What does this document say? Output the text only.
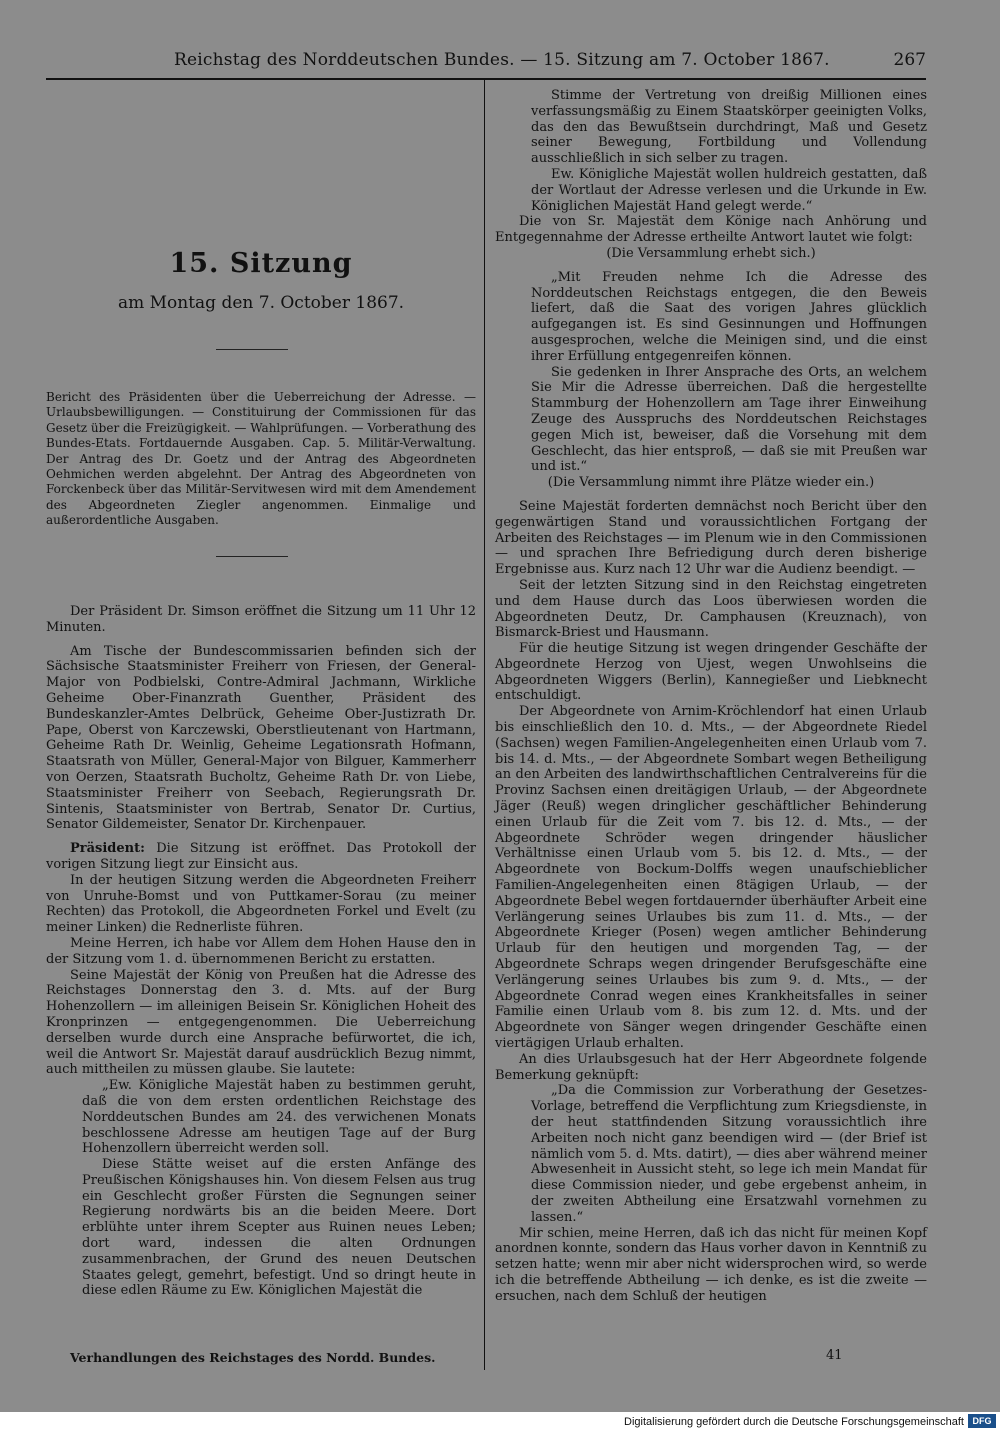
Reichstag des Norddeutschen Bundes. — 15. Sitzung am 7. October 1867.	267
15. Sitzung
am Montag den 7. October 1867.
Bericht des Präsidenten über die Ueberreichung der Adresse. — Urlaubsbewilligungen. — Constituirung der Commissionen für das Gesetz über die Freizügigkeit. — Wahlprüfungen. — Vorberathung des Bundes-Etats. Fortdauernde Ausgaben. Cap. 5. Militär-Verwaltung. Der Antrag des Dr. Goetz und der Antrag des Abgeordneten Oehmichen werden abgelehnt. Der Antrag des Abgeordneten von Forckenbeck über das Militär-Servitwesen wird mit dem Amendement des Abgeordneten Ziegler angenommen. Einmalige und außerordentliche Ausgaben.

Der Präsident Dr. Simson eröffnet die Sitzung um 11 Uhr 12 Minuten.

Am Tische der Bundescommissarien befinden sich der Sächsische Staatsminister Freiherr von Friesen, der General-Major von Podbielski, Contre-Admiral Jachmann, Wirkliche Geheime Ober-Finanzrath Guenther, Präsident des Bundeskanzler-Amtes Delbrück, Geheime Ober-Justizrath Dr. Pape, Oberst von Karczewski, Oberstlieutenant von Hartmann, Geheime Rath Dr. Weinlig, Geheime Legationsrath Hofmann, Staatsrath von Müller, General-Major von Bilguer, Kammerherr von Oerzen, Staatsrath Bucholtz, Geheime Rath Dr. von Liebe, Staatsminister Freiherr von Seebach, Regierungsrath Dr. Sintenis, Staatsminister von Bertrab, Senator Dr. Curtius, Senator Gildemeister, Senator Dr. Kirchenpauer.

Präsident: Die Sitzung ist eröffnet. Das Protokoll der vorigen Sitzung liegt zur Einsicht aus.

In der heutigen Sitzung werden die Abgeordneten Freiherr von Unruhe-Bomst und von Puttkamer-Sorau (zu meiner Rechten) das Protokoll, die Abgeordneten Forkel und Evelt (zu meiner Linken) die Rednerliste führen.

Meine Herren, ich habe vor Allem dem Hohen Hause den in der Sitzung vom 1. d. übernommenen Bericht zu erstatten.

Seine Majestät der König von Preußen hat die Adresse des Reichstages Donnerstag den 3. d. Mts. auf der Burg Hohenzollern — im alleinigen Beisein Sr. Königlichen Hoheit des Kronprinzen — entgegengenommen. Die Ueberreichung derselben wurde durch eine Ansprache befürwortet, die ich, weil die Antwort Sr. Majestät darauf ausdrücklich Bezug nimmt, auch mittheilen zu müssen glaube. Sie lautete:

„Ew. Königliche Majestät haben zu bestimmen geruht, daß die von dem ersten ordentlichen Reichstage des Norddeutschen Bundes am 24. des verwichenen Monats beschlossene Adresse am heutigen Tage auf der Burg Hohenzollern überreicht werden soll.

Diese Stätte weiset auf die ersten Anfänge des Preußischen Königshauses hin. Von diesem Felsen aus trug ein Geschlecht großer Fürsten die Segnungen seiner Regierung nordwärts bis an die beiden Meere. Dort erblühte unter ihrem Scepter aus Ruinen neues Leben; dort ward, indessen die alten Ordnungen zusammenbrachen, der Grund des neuen Deutschen Staates gelegt, gemehrt, befestigt. Und so dringt heute in diese edlen Räume zu Ew. Königlichen Majestät die

Stimme der Vertretung von dreißig Millionen eines verfassungsmäßig zu Einem Staatskörper geeinigten Volks, das den das Bewußtsein durchdringt, Maß und Gesetz seiner Bewegung, Fortbildung und Vollendung ausschließlich in sich selber zu tragen.

Ew. Königliche Majestät wollen huldreich gestatten, daß der Wortlaut der Adresse verlesen und die Urkunde in Ew. Königlichen Majestät Hand gelegt werde.“

Die von Sr. Majestät dem Könige nach Anhörung und Entgegennahme der Adresse ertheilte Antwort lautet wie folgt:

(Die Versammlung erhebt sich.)

„Mit Freuden nehme Ich die Adresse des Norddeutschen Reichstags entgegen, die den Beweis liefert, daß die Saat des vorigen Jahres glücklich aufgegangen ist. Es sind Gesinnungen und Hoffnungen ausgesprochen, welche die Meinigen sind, und die einst ihrer Erfüllung entgegenreifen können.

Sie gedenken in Ihrer Ansprache des Orts, an welchem Sie Mir die Adresse überreichen. Daß die hergestellte Stammburg der Hohenzollern am Tage ihrer Einweihung Zeuge des Ausspruchs des Norddeutschen Reichstages gegen Mich ist, beweiser, daß die Vorsehung mit dem Geschlecht, das hier entsproß, — daß sie mit Preußen war und ist.“

(Die Versammlung nimmt ihre Plätze wieder ein.)

Seine Majestät forderten demnächst noch Bericht über den gegenwärtigen Stand und voraussichtlichen Fortgang der Arbeiten des Reichstages — im Plenum wie in den Commissionen — und sprachen Ihre Befriedigung durch deren bisherige Ergebnisse aus. Kurz nach 12 Uhr war die Audienz beendigt. —

Seit der letzten Sitzung sind in den Reichstag eingetreten und dem Hause durch das Loos überwiesen worden die Abgeordneten Deutz, Dr. Camphausen (Kreuznach), von Bismarck-Briest und Hausmann.

Für die heutige Sitzung ist wegen dringender Geschäfte der Abgeordnete Herzog von Ujest, wegen Unwohlseins die Abgeordneten Wiggers (Berlin), Kannegießer und Liebknecht entschuldigt.

Der Abgeordnete von Arnim-Kröchlendorf hat einen Urlaub bis einschließlich den 10. d. Mts., — der Abgeordnete Riedel (Sachsen) wegen Familien-Angelegenheiten einen Urlaub vom 7. bis 14. d. Mts., — der Abgeordnete Sombart wegen Betheiligung an den Arbeiten des landwirthschaftlichen Centralvereins für die Provinz Sachsen einen dreitägigen Urlaub, — der Abgeordnete Jäger (Reuß) wegen dringlicher geschäftlicher Behinderung einen Urlaub für die Zeit vom 7. bis 12. d. Mts., — der Abgeordnete Schröder wegen dringender häuslicher Verhältnisse einen Urlaub vom 5. bis 12. d. Mts., — der Abgeordnete von Bockum-Dolffs wegen unaufschieblicher Familien-Angelegenheiten einen 8tägigen Urlaub, — der Abgeordnete Bebel wegen fortdauernder überhäufter Arbeit eine Verlängerung seines Urlaubes bis zum 11. d. Mts., — der Abgeordnete Krieger (Posen) wegen amtlicher Behinderung Urlaub für den heutigen und morgenden Tag, — der Abgeordnete Schraps wegen dringender Berufsgeschäfte eine Verlängerung seines Urlaubes bis zum 9. d. Mts., — der Abgeordnete Conrad wegen eines Krankheitsfalles in seiner Familie einen Urlaub vom 8. bis zum 12. d. Mts. und der Abgeordnete von Sänger wegen dringender Geschäfte einen viertägigen Urlaub erhalten.

An dies Urlaubsgesuch hat der Herr Abgeordnete folgende Bemerkung geknüpft:

„Da die Commission zur Vorberathung der Gesetzes-Vorlage, betreffend die Verpflichtung zum Kriegsdienste, in der heut stattfindenden Sitzung voraussichtlich ihre Arbeiten noch nicht ganz beendigen wird — (der Brief ist nämlich vom 5. d. Mts. datirt), — dies aber während meiner Abwesenheit in Aussicht steht, so lege ich mein Mandat für diese Commission nieder, und gebe ergebenst anheim, in der zweiten Abtheilung eine Ersatzwahl vornehmen zu lassen.“

Mir schien, meine Herren, daß ich das nicht für meinen Kopf anordnen konnte, sondern das Haus vorher davon in Kenntniß zu setzen hatte; wenn mir aber nicht widersprochen wird, so werde ich die betreffende Abtheilung — ich denke, es ist die zweite — ersuchen, nach dem Schluß der heutigen

Verhandlungen des Reichstages des Nordd. Bundes.	41
Digitalisierung gefördert durch die Deutsche Forschungsgemeinschaft DFG
